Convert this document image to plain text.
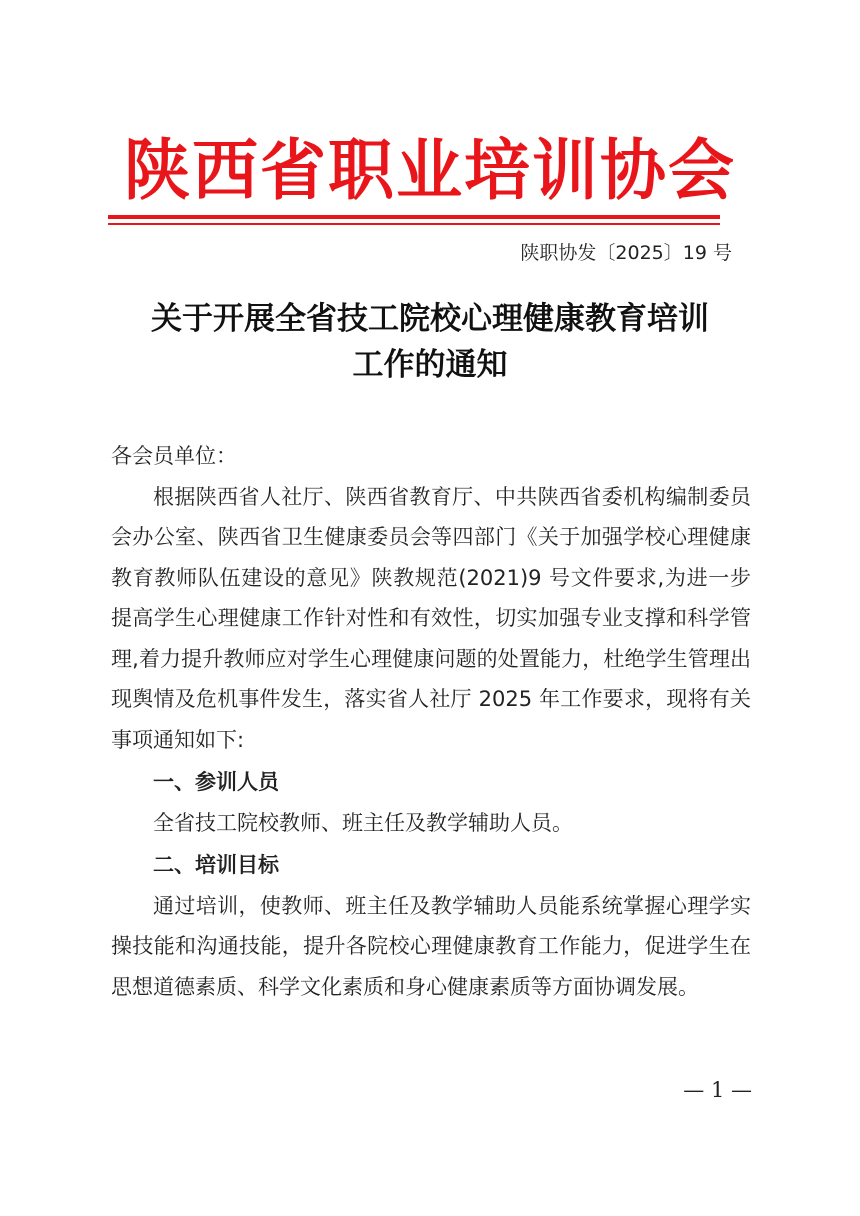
陕西省职业培训协会
陕职协发〔2025〕19 号
关于开展全省技工院校心理健康教育培训
工作的通知

各会员单位：

根据陕西省人社厅、陕西省教育厅、中共陕西省委机构编制委员会办公室、陕西省卫生健康委员会等四部门《关于加强学校心理健康教育教师队伍建设的意见》陕教规范(2021)9 号文件要求,为进一步提高学生心理健康工作针对性和有效性，切实加强专业支撑和科学管理,着力提升教师应对学生心理健康问题的处置能力，杜绝学生管理出现舆情及危机事件发生，落实省人社厅 2025 年工作要求，现将有关事项通知如下:

一、参训人员

全省技工院校教师、班主任及教学辅助人员。

二、培训目标

通过培训，使教师、班主任及教学辅助人员能系统掌握心理学实操技能和沟通技能，提升各院校心理健康教育工作能力，促进学生在思想道德素质、科学文化素质和身心健康素质等方面协调发展。

— 1 —
